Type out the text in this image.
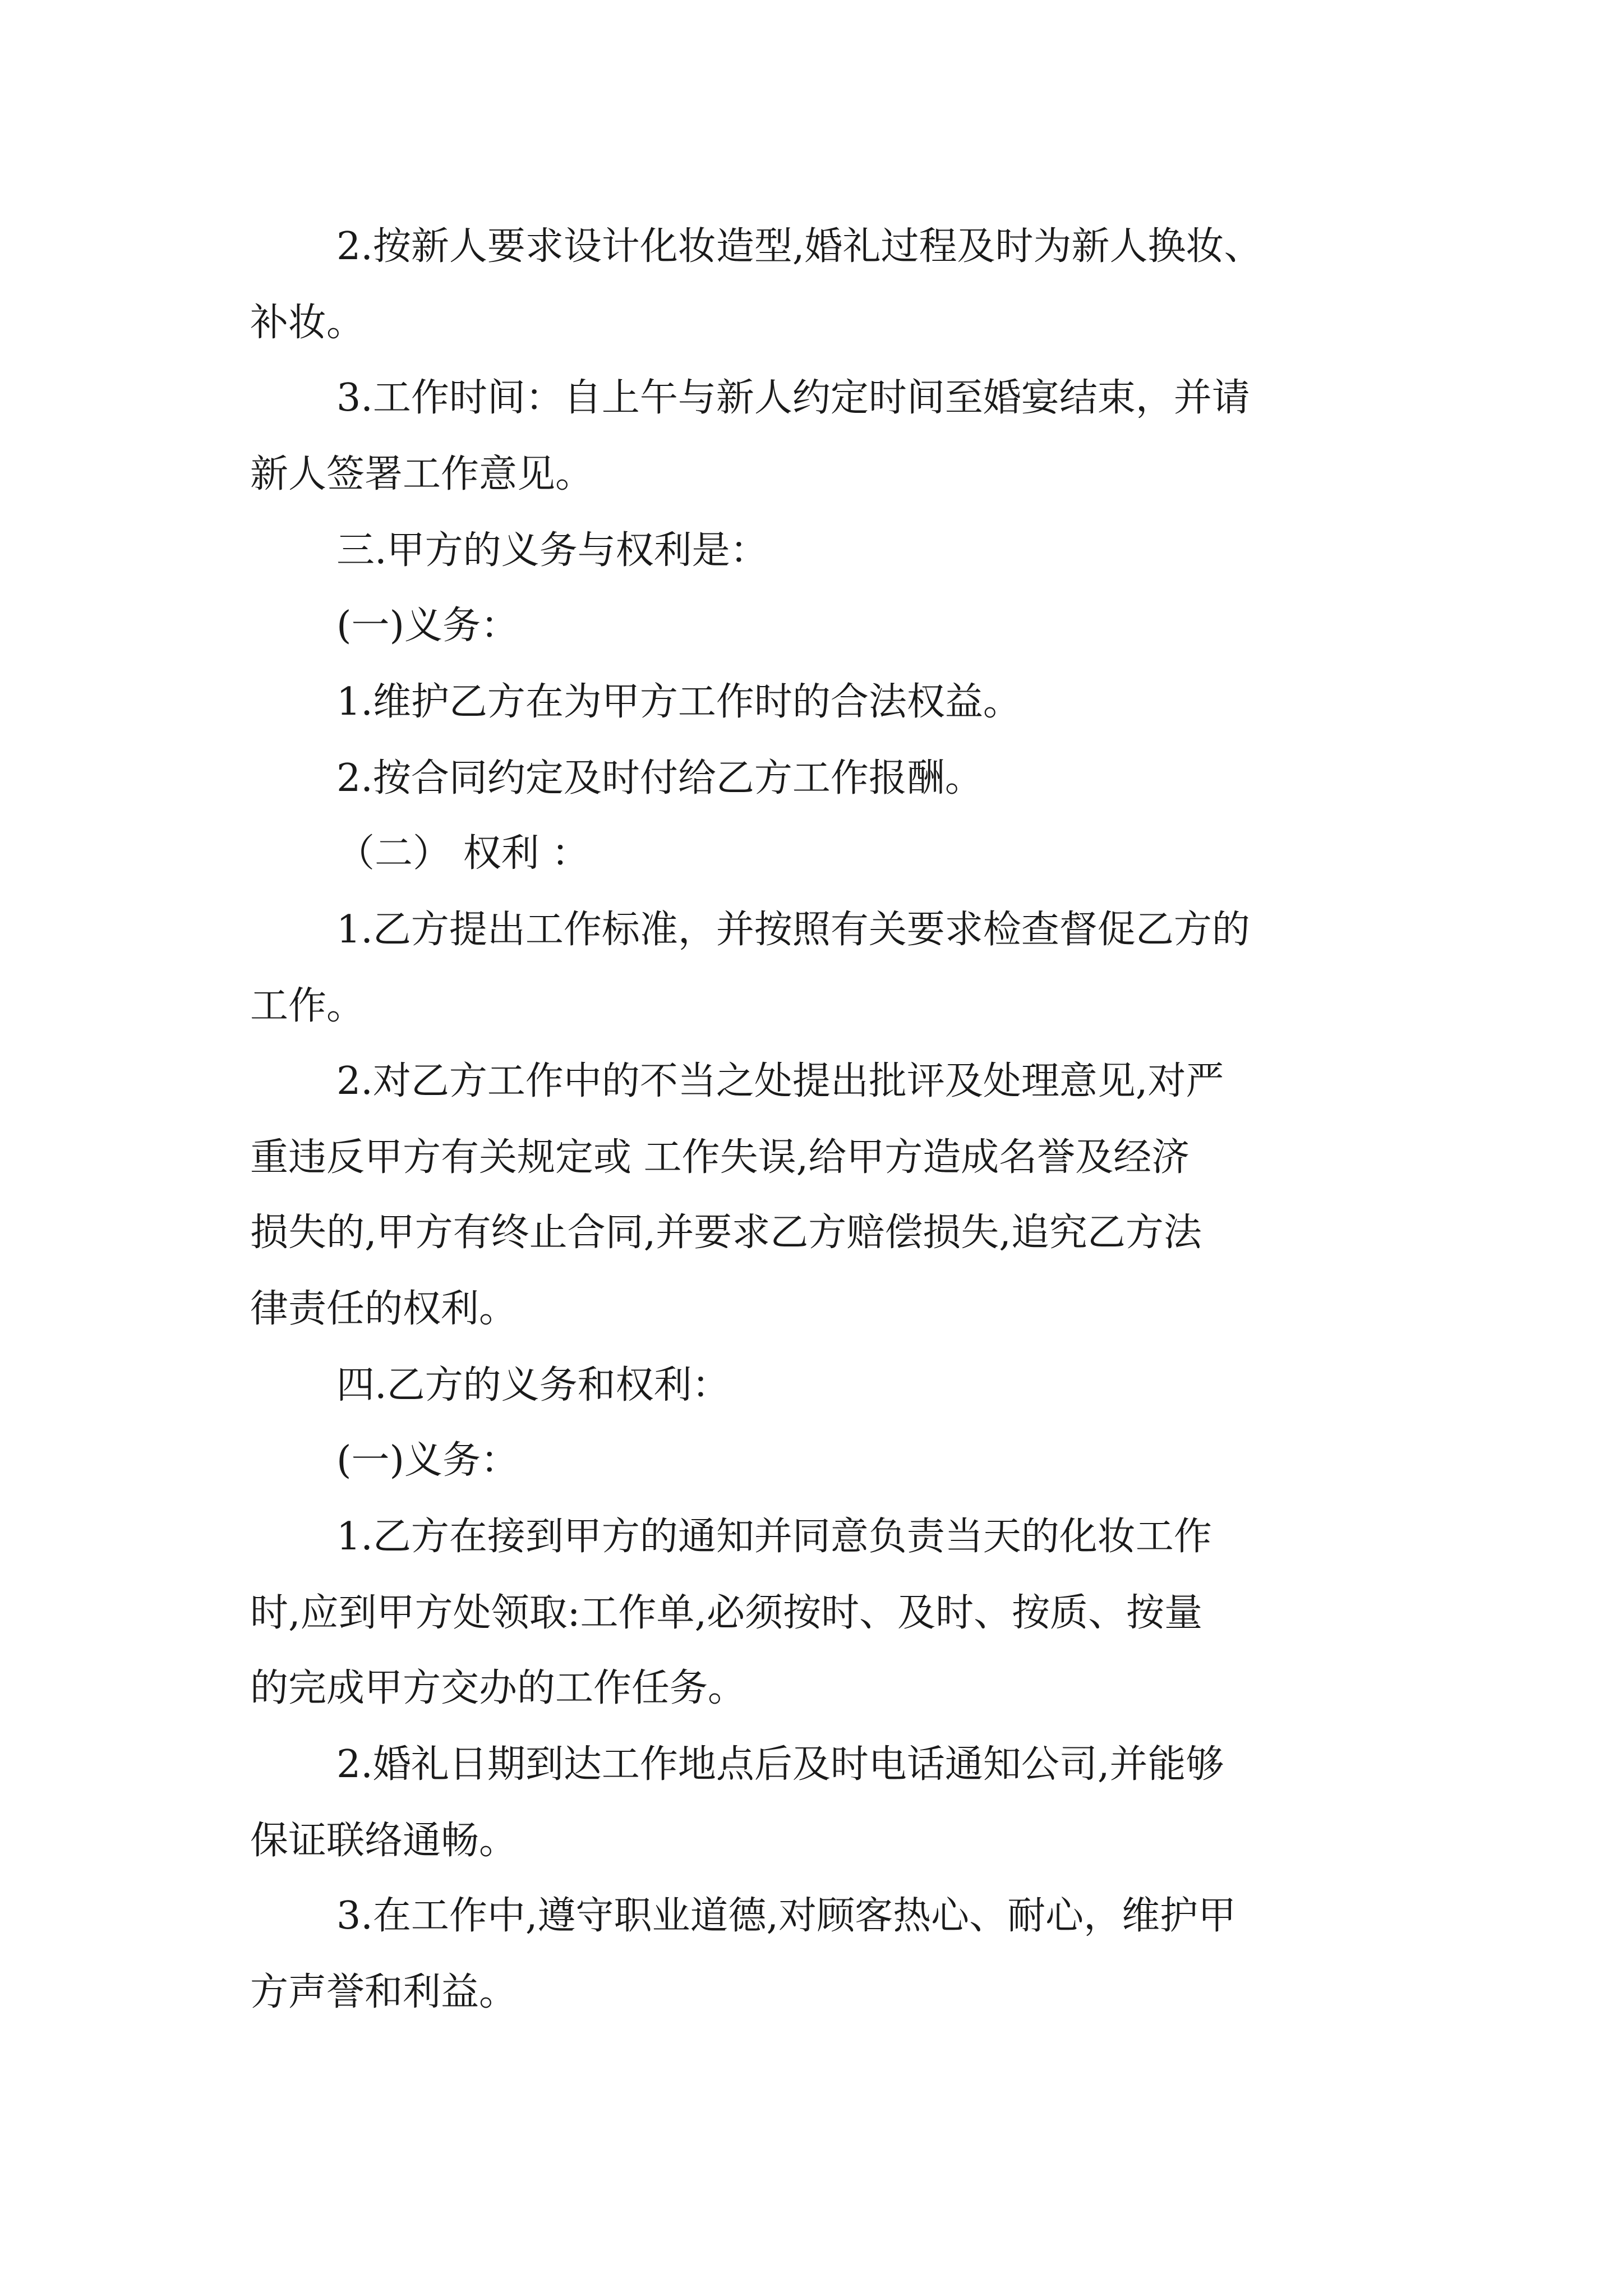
2.按新人要求设计化妆造型,婚礼过程及时为新人换妆、
补妆。
3.工作时间：自上午与新人约定时间至婚宴结束，并请
新人签署工作意见。
三.甲方的义务与权利是：
(一)义务：
1.维护乙方在为甲方工作时的合法权益。
2.按合同约定及时付给乙方工作报酬。
（二） 权利 ：
1.乙方提出工作标准，并按照有关要求检查督促乙方的
工作。
2.对乙方工作中的不当之处提出批评及处理意见,对严
重违反甲方有关规定或 工作失误,给甲方造成名誉及经济
损失的,甲方有终止合同,并要求乙方赔偿损失,追究乙方法
律责任的权利。
四.乙方的义务和权利：
(一)义务：
1.乙方在接到甲方的通知并同意负责当天的化妆工作
时,应到甲方处领取:工作单,必须按时、及时、按质、按量
的完成甲方交办的工作任务。
2.婚礼日期到达工作地点后及时电话通知公司,并能够
保证联络通畅。
3.在工作中,遵守职业道德,对顾客热心、耐心，维护甲
方声誉和利益。
